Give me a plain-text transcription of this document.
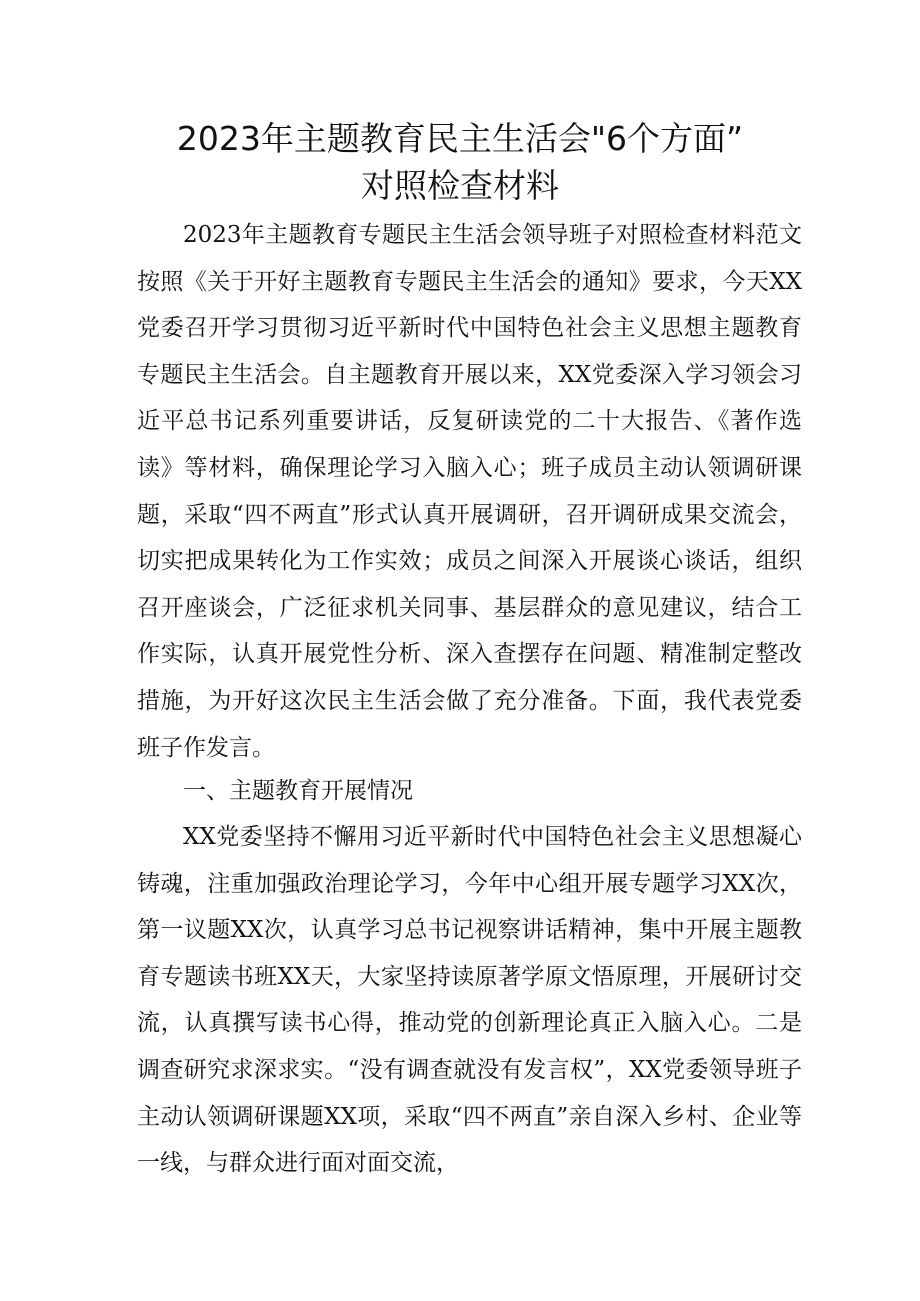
2023年主题教育民主生活会"6个方面”
对照检查材料

2023年主题教育专题民主生活会领导班子对照检查材料范文按照《关于开好主题教育专题民主生活会的通知》要求，今天XX党委召开学习贯彻习近平新时代中国特色社会主义思想主题教育专题民主生活会。自主题教育开展以来，XX党委深入学习领会习近平总书记系列重要讲话，反复研读党的二十大报告、《著作选读》等材料，确保理论学习入脑入心；班子成员主动认领调研课题，采取“四不两直”形式认真开展调研，召开调研成果交流会，切实把成果转化为工作实效；成员之间深入开展谈心谈话，组织召开座谈会，广泛征求机关同事、基层群众的意见建议，结合工作实际，认真开展党性分析、深入查摆存在问题、精准制定整改措施，为开好这次民主生活会做了充分准备。下面，我代表党委班子作发言。

一、主题教育开展情况

XX党委坚持不懈用习近平新时代中国特色社会主义思想凝心铸魂，注重加强政治理论学习，今年中心组开展专题学习XX次，第一议题XX次，认真学习总书记视察讲话精神，集中开展主题教育专题读书班XX天，大家坚持读原著学原文悟原理，开展研讨交流，认真撰写读书心得，推动党的创新理论真正入脑入心。二是调查研究求深求实。“没有调查就没有发言权”，XX党委领导班子主动认领调研课题XX项，采取“四不两直”亲自深入乡村、企业等一线，与群众进行面对面交流，
